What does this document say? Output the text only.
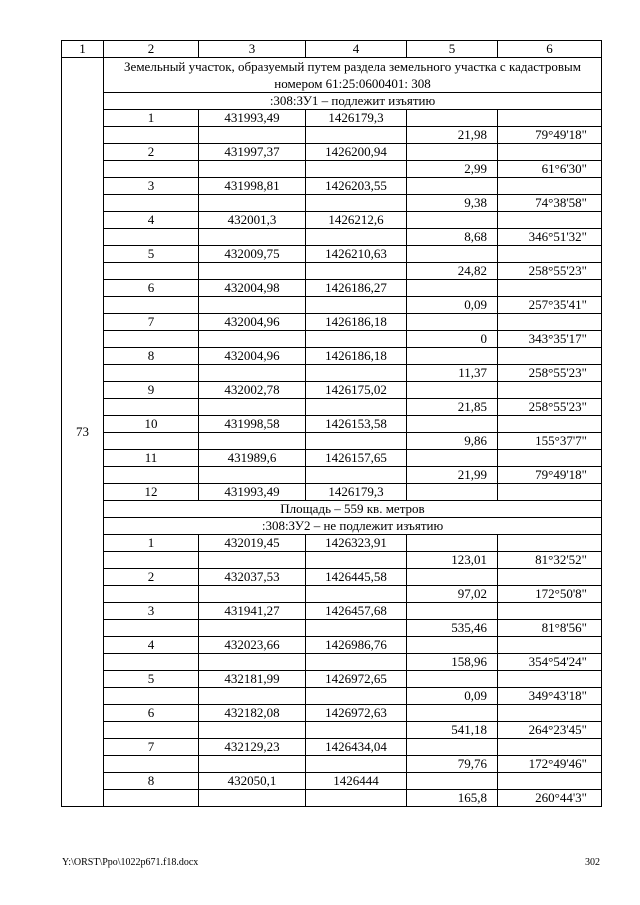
1	2	3	4	5	6
73	Земельный участок, образуемый путем раздела земельного участка с кадастровым номером 61:25:0600401: 308				
	:308:ЗУ1 – подлежит изъятию				
	1	431993,49	1426179,3		
				21,98	79°49'18"
	2	431997,37	1426200,94		
				2,99	61°6'30"
	3	431998,81	1426203,55		
				9,38	74°38'58"
	4	432001,3	1426212,6		
				8,68	346°51'32"
	5	432009,75	1426210,63		
				24,82	258°55'23"
	6	432004,98	1426186,27		
				0,09	257°35'41"
	7	432004,96	1426186,18		
				0	343°35'17"
	8	432004,96	1426186,18		
				11,37	258°55'23"
	9	432002,78	1426175,02		
				21,85	258°55'23"
	10	431998,58	1426153,58		
				9,86	155°37'7"
	11	431989,6	1426157,65		
				21,99	79°49'18"
	12	431993,49	1426179,3		
	Площадь – 559 кв. метров				
	:308:ЗУ2 – не подлежит изъятию				
	1	432019,45	1426323,91		
				123,01	81°32'52"
	2	432037,53	1426445,58		
				97,02	172°50'8"
	3	431941,27	1426457,68		
				535,46	81°8'56"
	4	432023,66	1426986,76		
				158,96	354°54'24"
	5	432181,99	1426972,65		
				0,09	349°43'18"
	6	432182,08	1426972,63		
				541,18	264°23'45"
	7	432129,23	1426434,04		
				79,76	172°49'46"
	8	432050,1	1426444		
				165,8	260°44'3"
Y:\ORST\Ppo\1022p671.f18.docx	302
